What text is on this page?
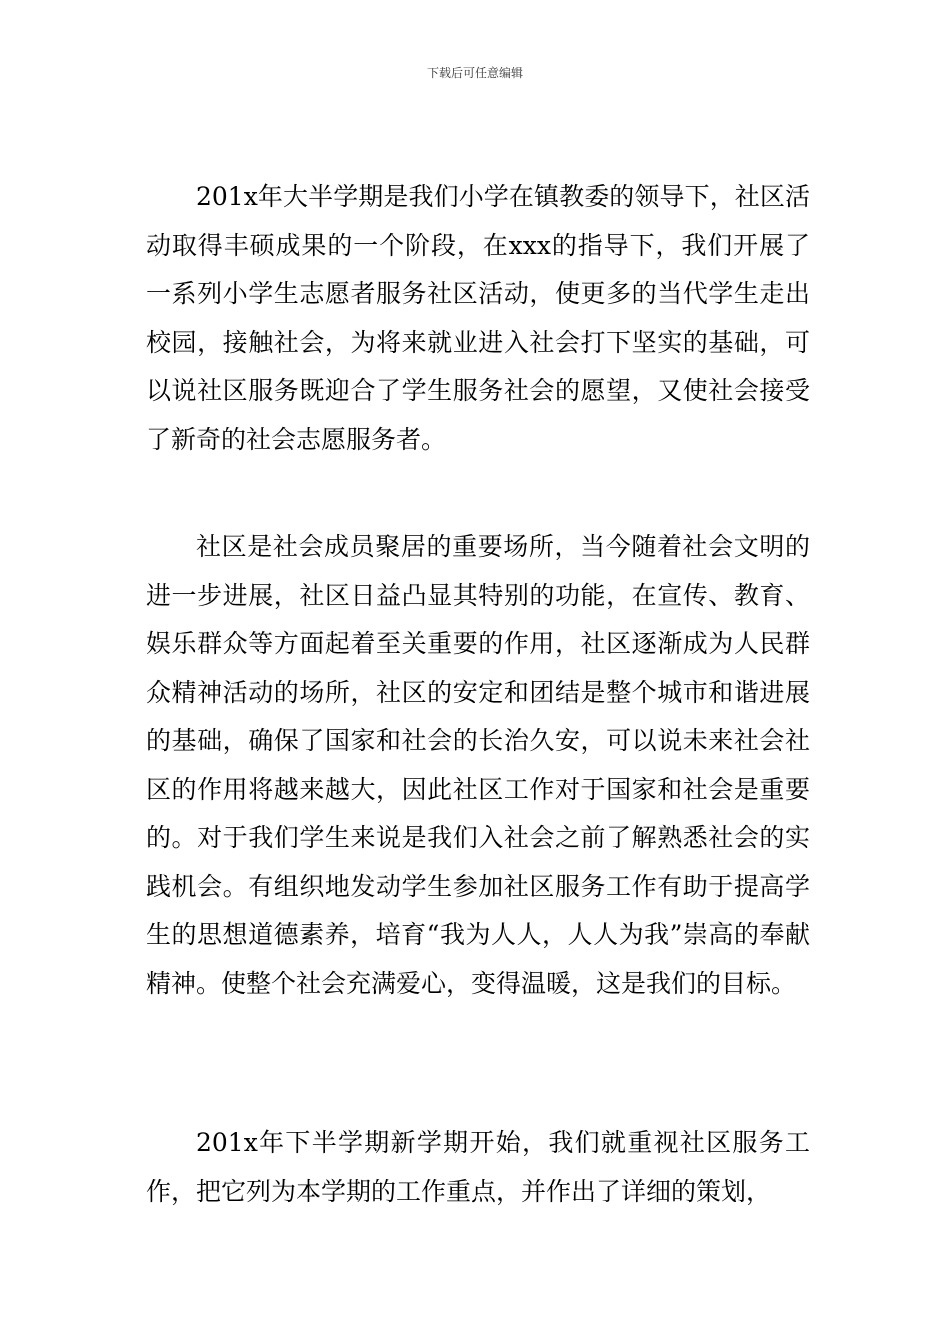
下载后可任意编辑

201x年大半学期是我们小学在镇教委的领导下，社区活动取得丰硕成果的一个阶段，在xxx的指导下，我们开展了一系列小学生志愿者服务社区活动，使更多的当代学生走出校园，接触社会，为将来就业进入社会打下坚实的基础，可以说社区服务既迎合了学生服务社会的愿望，又使社会接受了新奇的社会志愿服务者。

社区是社会成员聚居的重要场所，当今随着社会文明的进一步进展，社区日益凸显其特别的功能，在宣传、教育、娱乐群众等方面起着至关重要的作用，社区逐渐成为人民群众精神活动的场所，社区的安定和团结是整个城市和谐进展的基础，确保了国家和社会的长治久安，可以说未来社会社区的作用将越来越大，因此社区工作对于国家和社会是重要的。对于我们学生来说是我们入社会之前了解熟悉社会的实践机会。有组织地发动学生参加社区服务工作有助于提高学生的思想道德素养，培育“我为人人，人人为我”崇高的奉献精神。使整个社会充满爱心，变得温暖，这是我们的目标。

201x年下半学期新学期开始，我们就重视社区服务工作，把它列为本学期的工作重点，并作出了详细的策划，
